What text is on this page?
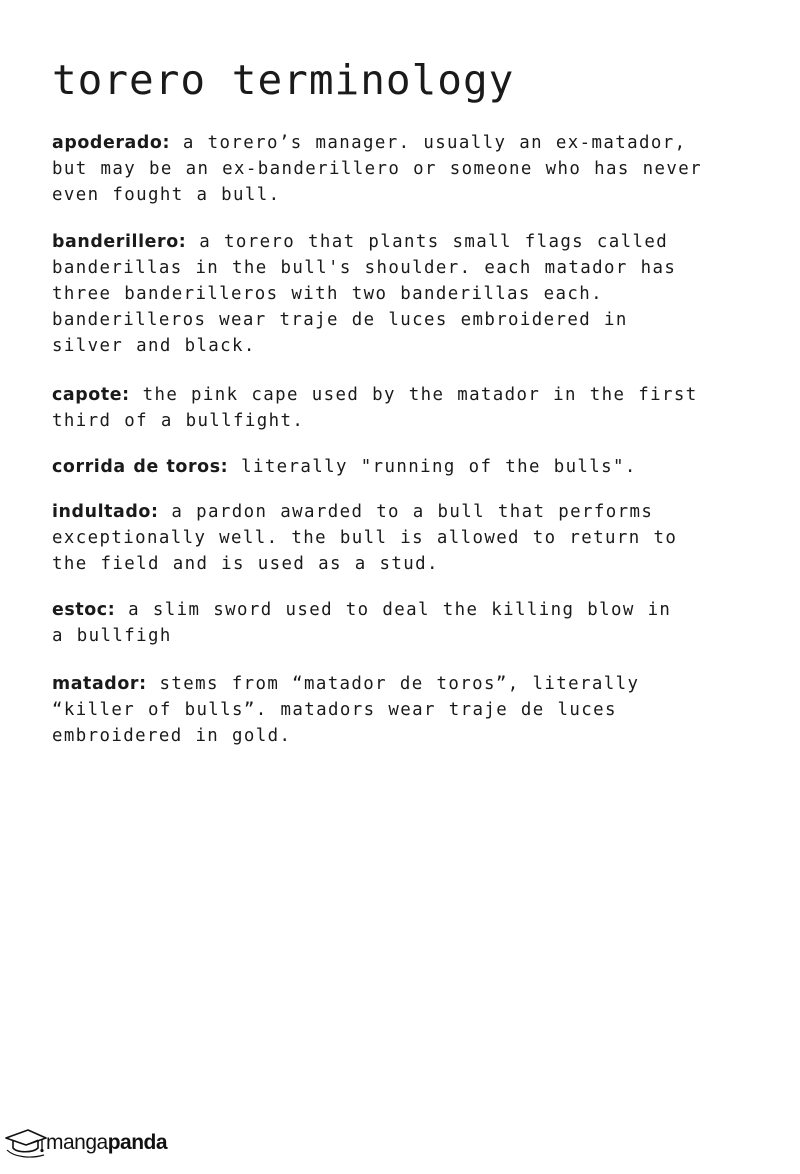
torero terminology

apoderado: a torero’s manager. usually an ex-matador,
but may be an ex-banderillero or someone who has never
even fought a bull.

banderillero: a torero that plants small flags called
banderillas in the bull's shoulder. each matador has
three banderilleros with two banderillas each.
banderilleros wear traje de luces embroidered in
silver and black.

capote: the pink cape used by the matador in the first
third of a bullfight.

corrida de toros: literally "running of the bulls".

indultado: a pardon awarded to a bull that performs
exceptionally well. the bull is allowed to return to
the field and is used as a stud.

estoc: a slim sword used to deal the killing blow in
a bullfigh

matador: stems from “matador de toros”, literally
“killer of bulls”. matadors wear traje de luces
embroidered in gold.

mangapanda
